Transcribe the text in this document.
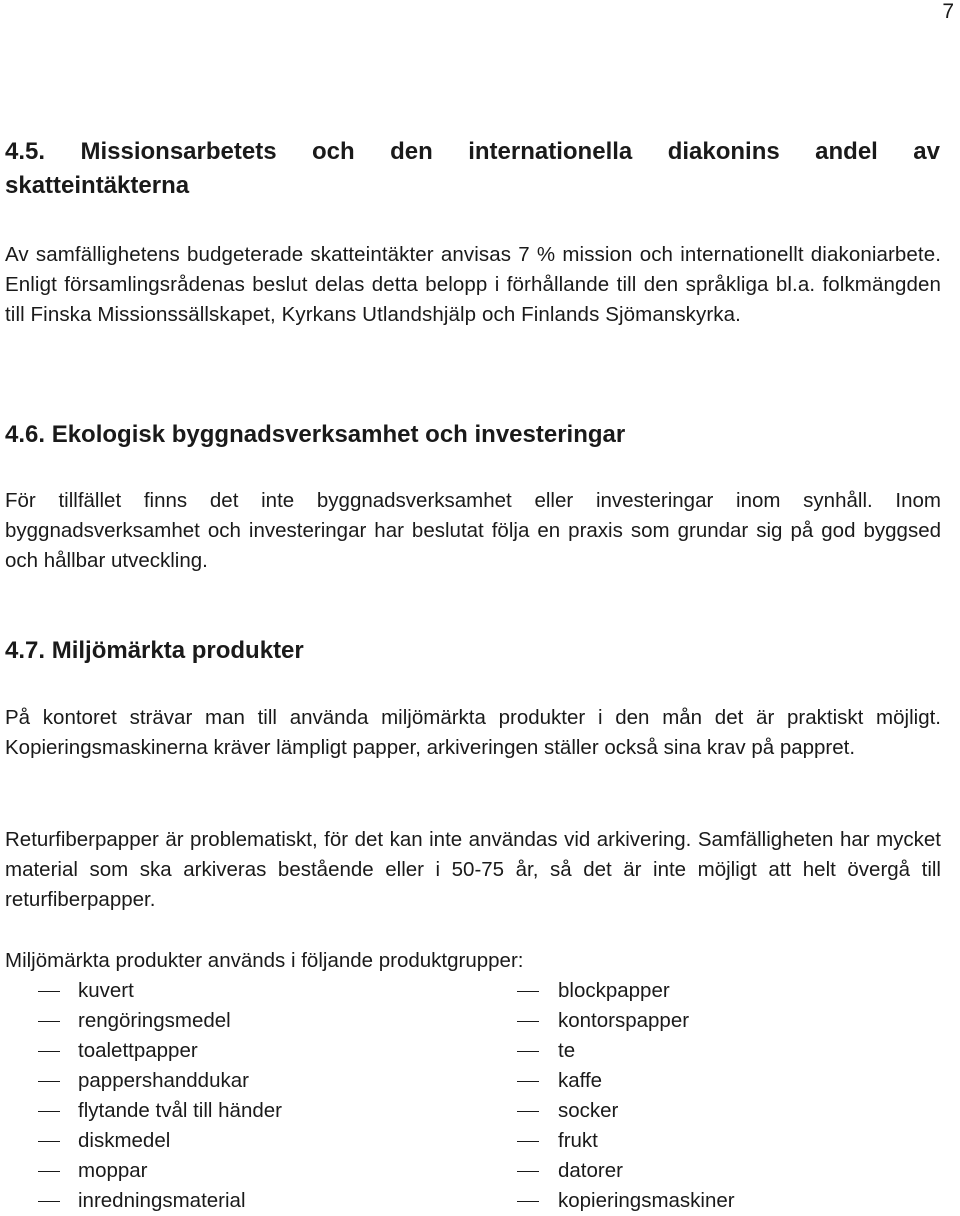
7
4.5. Missionsarbetets och den internationella diakonins andel av
skatteintäkterna

Av samfällighetens budgeterade skatteintäkter anvisas 7 % mission och internationellt diakoniarbete. Enligt församlingsrådenas beslut delas detta belopp i förhållande till den språkliga bl.a. folkmängden till Finska Missionssällskapet, Kyrkans Utlandshjälp och Finlands Sjömanskyrka.

4.6. Ekologisk byggnadsverksamhet och investeringar

För tillfället finns det inte byggnadsverksamhet eller investeringar inom synhåll. Inom byggnadsverksamhet och investeringar har beslutat följa en praxis som grundar sig på god byggsed och hållbar utveckling.

4.7. Miljömärkta produkter

På kontoret strävar man till använda miljömärkta produkter i den mån det är praktiskt möjligt. Kopieringsmaskinerna kräver lämpligt papper, arkiveringen ställer också sina krav på pappret.

Returfiberpapper är problematiskt, för det kan inte användas vid arkivering. Samfälligheten har mycket material som ska arkiveras bestående eller i 50-75 år, så det är inte möjligt att helt övergå till returfiberpapper.

Miljömärkta produkter används i följande produktgrupper:

kuvert
rengöringsmedel
toalettpapper
pappershanddukar
flytande tvål till händer
diskmedel
moppar
inredningsmaterial
blockpapper
kontorspapper
te
kaffe
socker
frukt
datorer
kopieringsmaskiner
